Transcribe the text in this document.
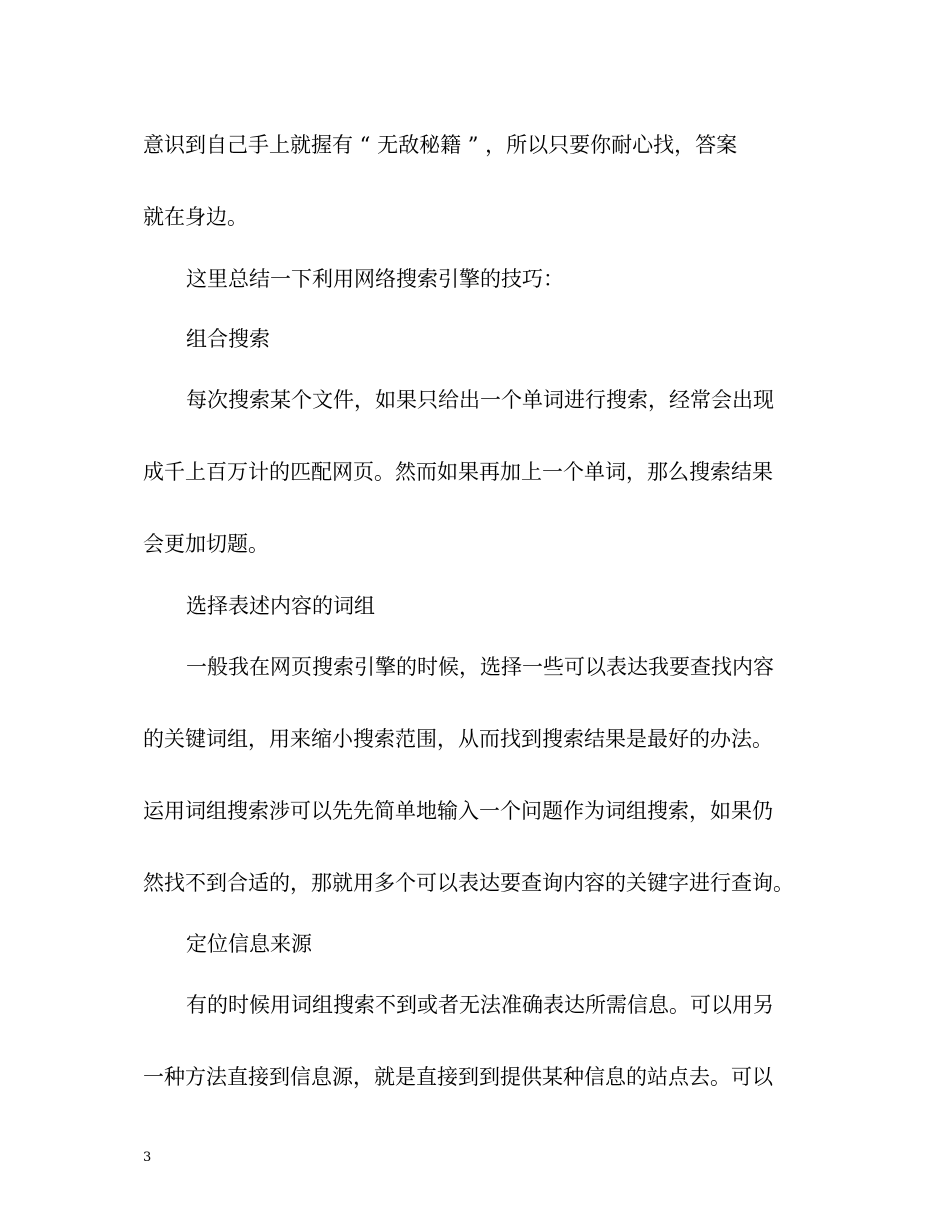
意识到自己手上就握有 “ 无敌秘籍 ” ，所以只要你耐心找，答案
就在身边。
这里总结一下利用网络搜索引擎的技巧：
组合搜索
每次搜索某个文件，如果只给出一个单词进行搜索，经常会出现
成千上百万计的匹配网页。然而如果再加上一个单词，那么搜索结果
会更加切题。
选择表述内容的词组
一般我在网页搜索引擎的时候，选择一些可以表达我要查找内容
的关键词组，用来缩小搜索范围，从而找到搜索结果是最好的办法。
运用词组搜索涉可以先先简单地输入一个问题作为词组搜索，如果仍
然找不到合适的，那就用多个可以表达要查询内容的关键字进行查询。
定位信息来源
有的时候用词组搜索不到或者无法准确表达所需信息。可以用另
一种方法直接到信息源，就是直接到到提供某种信息的站点去。可以
3
